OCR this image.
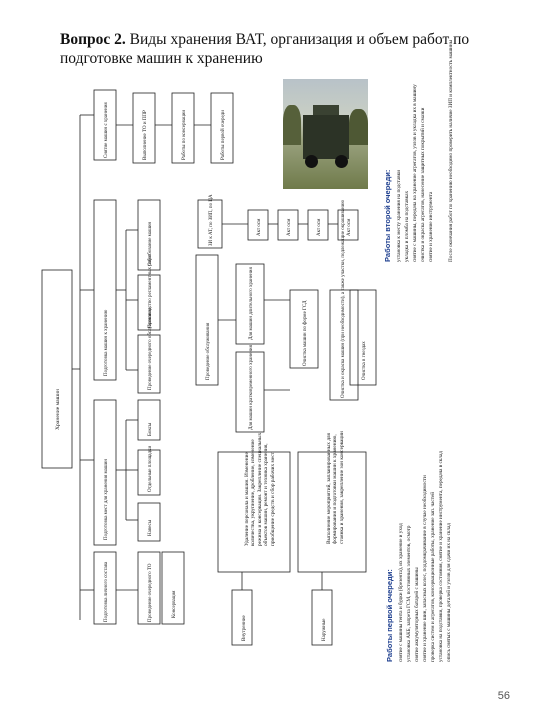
Вопрос 2. Виды хранения ВАТ, организация и объем работ по подготовке машин к хранению
Хранение машин
Снятие машин с хранения	Выполнение ТО и ППР	Работы по консервации	Работы первой очереди
Подготовка машин к хранению	Проведение очередного обслуживания
Производство регламентных работ
Опробование машин	ЗИ к АТ, по ЗИП, по ЦА
Проведение обслуживания
Акт осм	Акт осм	Акт осм	Акт осм
Для машин длительного хранения
Для машин кратковременного хранения
Очистка машин по форме ГСД	Очистка и окраска машин (при необходимости), а также участки, подлежащие окрашиванию	Очистка в гнездах
Подготовка мест для хранения машин
Боксы
Отдельные площадки
Навесы
Подготовка личного состава	Проведение очередного ТО	Консервация
Внутренние	Наружные
Удаление персонала и машин. Изменение количества, укрупнение, дробление, изменение режима и консервации. Закрепление специальных объектов машин, ремонт и техника хранения, приобщение средств и сбор рабочих мест	Выполнение мероприятий, запланированных для формирования и подготовки машин к хранению, стоянка и хранения, закрепление зон консервации
Работы второй очереди: установка к месту хранения на подставки укладка и пломба на подставках снятие с машины, передача на хранение агрегатов, узлов и укладка их в машину очистка и окраска агрегатов, нанесение защитных покрытий и смазки снятие и хранение инструмента	После окончания работ по хранению необходимо проверить наличие ЗИП и комплектность машины
Работы первой очереди: снятие с машины тента и будки (брезента), их хранение и уход установка АКБ, запрета ГСМ, постоянных элементов, осмотр снятие аккумуляторных батарей с машины снятие и хранение шин, запасных колес, поддомкрачивание в случае необходимости проверка систем и агрегатов, консервационные работы, хранение зап. частей установка на подставки, проверка состояния, снятие и хранение инструмента, передача в склад опись снятых с машины деталей и узлов для сдачи их на склад
56
